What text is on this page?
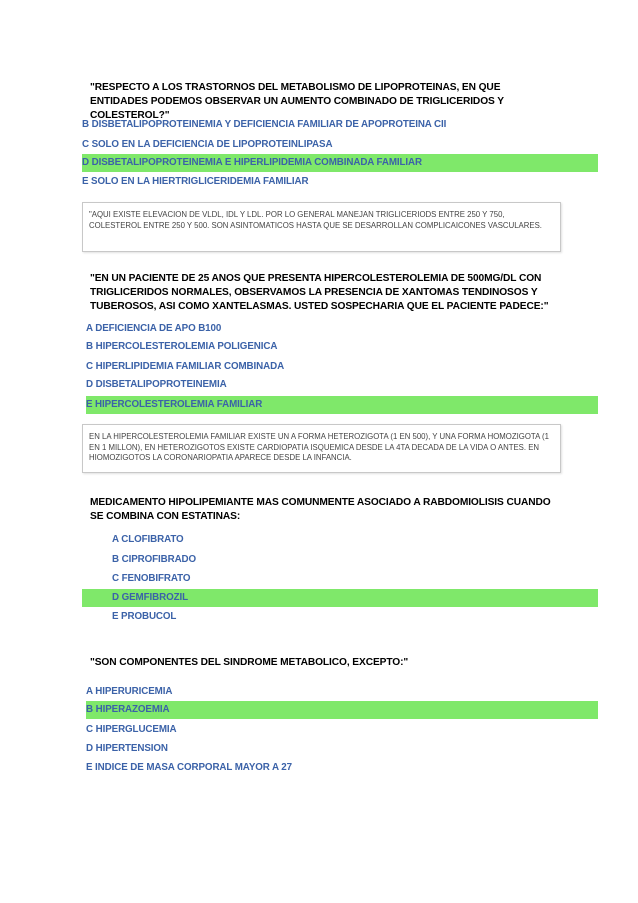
"RESPECTO A LOS TRASTORNOS DEL METABOLISMO DE LIPOPROTEINAS, EN QUE ENTIDADES PODEMOS OBSERVAR UN AUMENTO COMBINADO DE TRIGLICERIDOS Y COLESTEROL?"
B DISBETALIPOPROTEINEMIA Y DEFICIENCIA FAMILIAR DE APOPROTEINA CII
C SOLO EN LA DEFICIENCIA DE LIPOPROTEINLIPASA
D DISBETALIPOPROTEINEMIA E HIPERLIPIDEMIA COMBINADA FAMILIAR
E SOLO EN LA HIERTRIGLICERIDEMIA FAMILIAR
"AQUI EXISTE ELEVACION DE VLDL, IDL Y LDL. POR LO GENERAL MANEJAN TRIGLICERIODS ENTRE 250 Y 750, COLESTEROL ENTRE 250 Y 500. SON ASINTOMATICOS HASTA QUE SE DESARROLLAN COMPLICAICONES VASCULARES.
"EN UN PACIENTE DE 25 ANOS QUE PRESENTA HIPERCOLESTEROLEMIA DE 500MG/DL CON TRIGLICERIDOS NORMALES, OBSERVAMOS LA PRESENCIA DE XANTOMAS TENDINOSOS Y TUBEROSOS, ASI COMO XANTELASMAS. USTED SOSPECHARIA QUE EL PACIENTE PADECE:"
A DEFICIENCIA DE APO B100
B HIPERCOLESTEROLEMIA POLIGENICA
C HIPERLIPIDEMIA FAMILIAR COMBINADA
D DISBETALIPOPROTEINEMIA
E HIPERCOLESTEROLEMIA FAMILIAR
EN LA HIPERCOLESTEROLEMIA FAMILIAR EXISTE UN A FORMA HETEROZIGOTA (1 EN 500), Y UNA FORMA HOMOZIGOTA (1 EN 1 MILLON), EN HETEROZIGOTOS EXISTE CARDIOPATIA ISQUEMICA DESDE LA 4TA DECADA DE LA VIDA O ANTES. EN HIOMOZIGOTOS LA CORONARIOPATIA APARECE DESDE LA INFANCIA.
MEDICAMENTO HIPOLIPEMIANTE MAS COMUNMENTE ASOCIADO A RABDOMIOLISIS CUANDO SE COMBINA CON ESTATINAS:
A CLOFIBRATO
B CIPROFIBRADO
C FENOBIFRATO
D GEMFIBROZIL
E PROBUCOL
"SON COMPONENTES DEL SINDROME METABOLICO, EXCEPTO:"
A HIPERURICEMIA
B HIPERAZOEMIA
C HIPERGLUCEMIA
D HIPERTENSION
E INDICE DE MASA CORPORAL MAYOR A 27
